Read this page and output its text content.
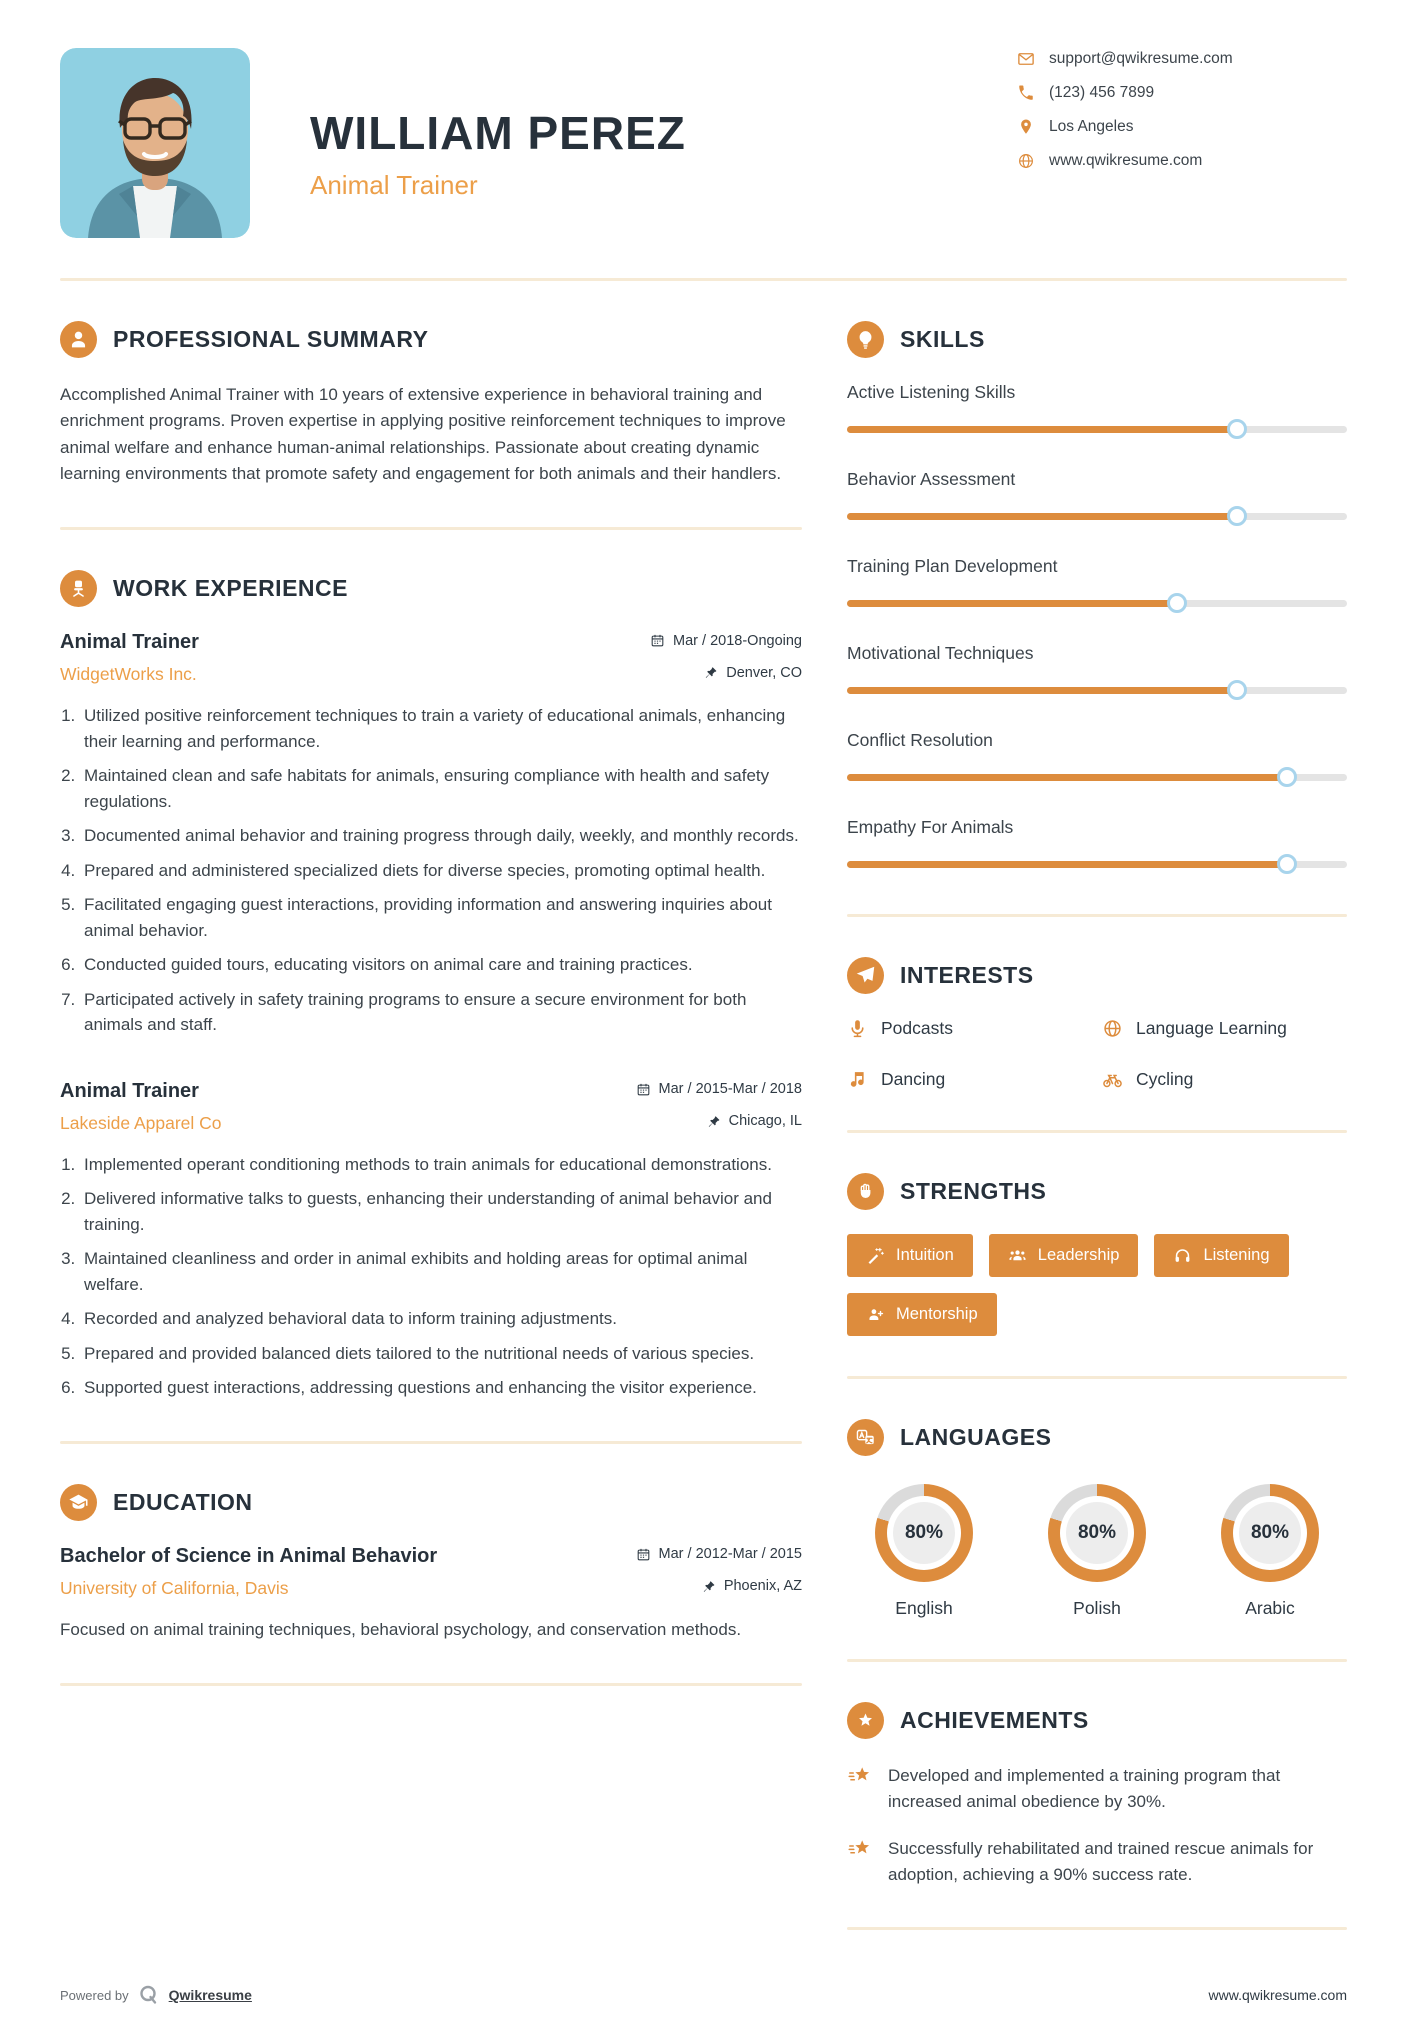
WILLIAM PEREZ
Animal Trainer
support@qwikresume.com
(123) 456 7899
Los Angeles
www.qwikresume.com
PROFESSIONAL SUMMARY

Accomplished Animal Trainer with 10 years of extensive experience in behavioral training and enrichment programs. Proven expertise in applying positive reinforcement techniques to improve animal welfare and enhance human-animal relationships. Passionate about creating dynamic learning environments that promote safety and engagement for both animals and their handlers.

WORK EXPERIENCE
Animal Trainer	Mar / 2018-Ongoing
WidgetWorks Inc.	Denver, CO
1. Utilized positive reinforcement techniques to train a variety of educational animals, enhancing their learning and performance.
2. Maintained clean and safe habitats for animals, ensuring compliance with health and safety regulations.
3. Documented animal behavior and training progress through daily, weekly, and monthly records.
4. Prepared and administered specialized diets for diverse species, promoting optimal health.
5. Facilitated engaging guest interactions, providing information and answering inquiries about animal behavior.
6. Conducted guided tours, educating visitors on animal care and training practices.
7. Participated actively in safety training programs to ensure a secure environment for both animals and staff.
Animal Trainer	Mar / 2015-Mar / 2018
Lakeside Apparel Co	Chicago, IL
1. Implemented operant conditioning methods to train animals for educational demonstrations.
2. Delivered informative talks to guests, enhancing their understanding of animal behavior and training.
3. Maintained cleanliness and order in animal exhibits and holding areas for optimal animal welfare.
4. Recorded and analyzed behavioral data to inform training adjustments.
5. Prepared and provided balanced diets tailored to the nutritional needs of various species.
6. Supported guest interactions, addressing questions and enhancing the visitor experience.
EDUCATION
Bachelor of Science in Animal Behavior	Mar / 2012-Mar / 2015
University of California, Davis	Phoenix, AZ

Focused on animal training techniques, behavioral psychology, and conservation methods.

SKILLS
Active Listening Skills
Behavior Assessment
Training Plan Development
Motivational Techniques
Conflict Resolution
Empathy For Animals
INTERESTS
Podcasts	Language Learning
Dancing	Cycling
STRENGTHS
Intuition	Leadership	Listening
Mentorship
LANGUAGES
80%
English
80%
Polish
80%
Arabic
ACHIEVEMENTS
Developed and implemented a training program that increased animal obedience by 30%.
Successfully rehabilitated and trained rescue animals for adoption, achieving a 90% success rate.
Powered by	Qwikresume	www.qwikresume.com
